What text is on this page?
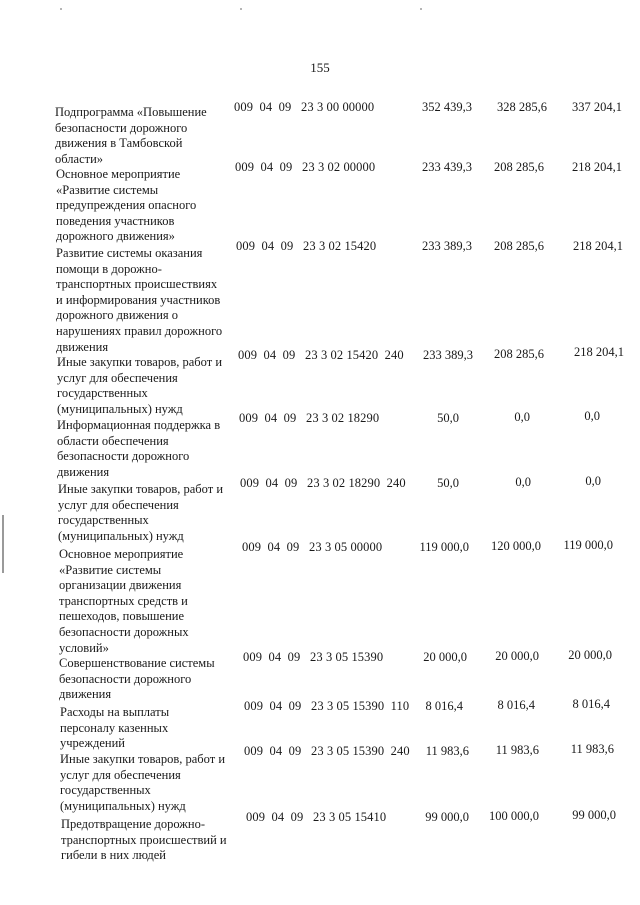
155
Подпрограмма «Повышение
безопасности дорожного
движения в Тамбовской
области»
009  04  09   23 3 00 00000	352 439,3	328 285,6	337 204,1
Основное мероприятие
«Развитие системы
предупреждения опасного
поведения участников
дорожного движения»
009  04  09   23 3 02 00000	233 439,3	208 285,6	218 204,1
Развитие системы оказания
помощи в дорожно-
транспортных происшествиях
и информирования участников
дорожного движения о
нарушениях правил дорожного
движения
009  04  09   23 3 02 15420	233 389,3	208 285,6	218 204,1
Иные закупки товаров, работ и
услуг для обеспечения
государственных
(муниципальных) нужд
009  04  09   23 3 02 15420  240	233 389,3	208 285,6	218 204,1
Информационная поддержка в
области обеспечения
безопасности дорожного
движения
009  04  09   23 3 02 18290	50,0	0,0	0,0
Иные закупки товаров, работ и
услуг для обеспечения
государственных
(муниципальных) нужд
009  04  09   23 3 02 18290  240	50,0	0,0	0,0
Основное мероприятие
«Развитие системы
организации движения
транспортных средств и
пешеходов, повышение
безопасности дорожных
условий»
009  04  09   23 3 05 00000	119 000,0	120 000,0	119 000,0
Совершенствование системы
безопасности дорожного
движения
009  04  09   23 3 05 15390	20 000,0	20 000,0	20 000,0
Расходы на выплаты
персоналу казенных
учреждений
009  04  09   23 3 05 15390  110	8 016,4	8 016,4	8 016,4
Иные закупки товаров, работ и
услуг для обеспечения
государственных
(муниципальных) нужд
009  04  09   23 3 05 15390  240	11 983,6	11 983,6	11 983,6
Предотвращение дорожно-
транспортных происшествий и
гибели в них людей
009  04  09   23 3 05 15410	99 000,0	100 000,0	99 000,0
